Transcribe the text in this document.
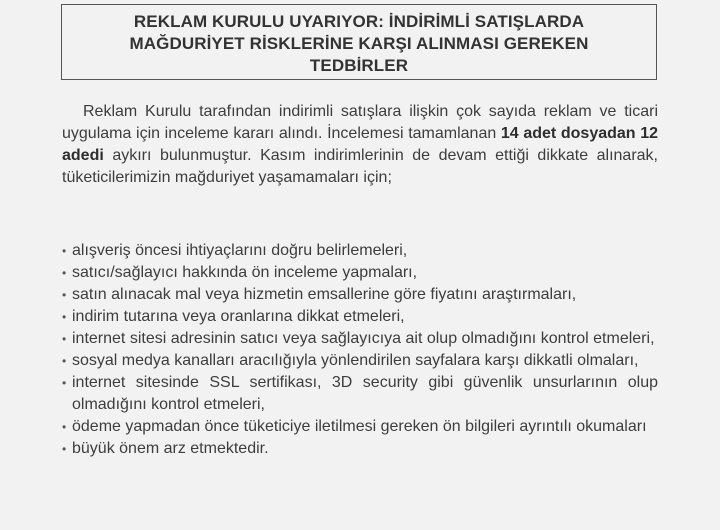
REKLAM KURULU UYARIYOR: İNDİRİMLİ SATIŞLARDA
MAĞDURİYET RİSKLERİNE KARŞI ALINMASI GEREKEN
TEDBİRLER
Reklam Kurulu tarafından indirimli satışlara ilişkin çok sayıda reklam ve ticari uygulama için inceleme kararı alındı. İncelemesi tamamlanan 14 adet dosyadan 12 adedi aykırı bulunmuştur. Kasım indirimlerinin de devam ettiği dikkate alınarak, tüketicilerimizin mağduriyet yaşamamaları için;
• alışveriş öncesi ihtiyaçlarını doğru belirlemeleri,
• satıcı/sağlayıcı hakkında ön inceleme yapmaları,
• satın alınacak mal veya hizmetin emsallerine göre fiyatını araştırmaları,
• indirim tutarına veya oranlarına dikkat etmeleri,
• internet sitesi adresinin satıcı veya sağlayıcıya ait olup olmadığını kontrol etmeleri,
• sosyal medya kanalları aracılığıyla yönlendirilen sayfalara karşı dikkatli olmaları,
• internet sitesinde SSL sertifikası, 3D security gibi güvenlik unsurlarının olup olmadığını kontrol etmeleri,
• ödeme yapmadan önce tüketiciye iletilmesi gereken ön bilgileri ayrıntılı okumaları
• büyük önem arz etmektedir.
